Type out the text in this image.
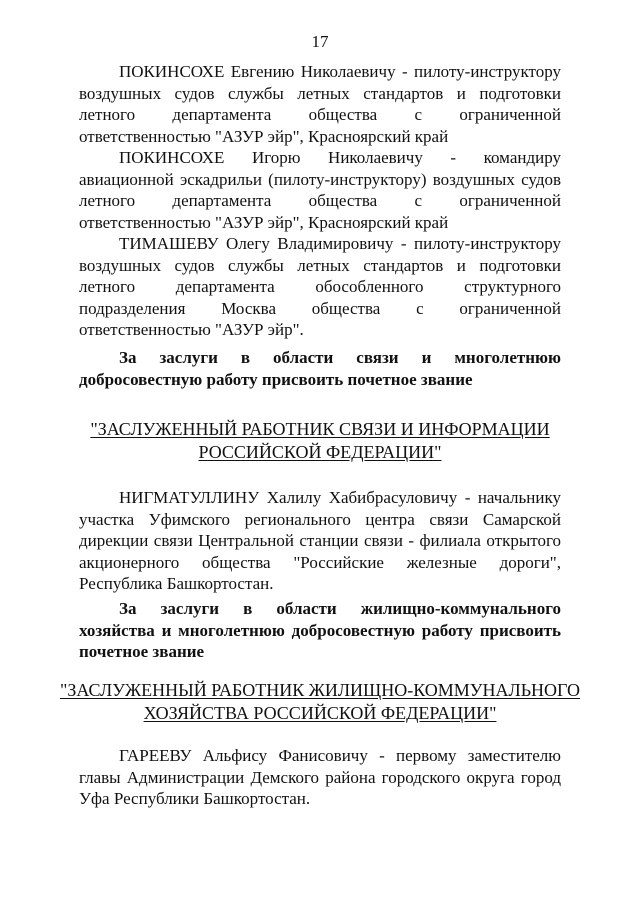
17

ПОКИНСОХЕ Евгению Николаевичу - пилоту-инструктору воздушных судов службы летных стандартов и подготовки летного департамента общества с ограниченной ответственностью "АЗУР эйр", Красноярский край

ПОКИНСОХЕ Игорю Николаевичу - командиру авиационной эскадрильи (пилоту-инструктору) воздушных судов летного департамента общества с ограниченной ответственностью "АЗУР эйр", Красноярский край

ТИМАШЕВУ Олегу Владимировичу - пилоту-инструктору воздушных судов службы летных стандартов и подготовки летного департамента обособленного структурного подразделения Москва общества с ограниченной ответственностью "АЗУР эйр".

За заслуги в области связи и многолетнюю добросовестную работу присвоить почетное звание

"ЗАСЛУЖЕННЫЙ РАБОТНИК СВЯЗИ И ИНФОРМАЦИИ
РОССИЙСКОЙ ФЕДЕРАЦИИ"

НИГМАТУЛЛИНУ Халилу Хабибрасуловичу - начальнику участка Уфимского регионального центра связи Самарской дирекции связи Центральной станции связи - филиала открытого акционерного общества "Российские железные дороги", Республика Башкортостан.

За заслуги в области жилищно-коммунального хозяйства и многолетнюю добросовестную работу присвоить почетное звание

"ЗАСЛУЖЕННЫЙ РАБОТНИК ЖИЛИЩНО-КОММУНАЛЬНОГО
ХОЗЯЙСТВА РОССИЙСКОЙ ФЕДЕРАЦИИ"

ГАРЕЕВУ Альфису Фанисовичу - первому заместителю главы Администрации Демского района городского округа город Уфа Республики Башкортостан.
